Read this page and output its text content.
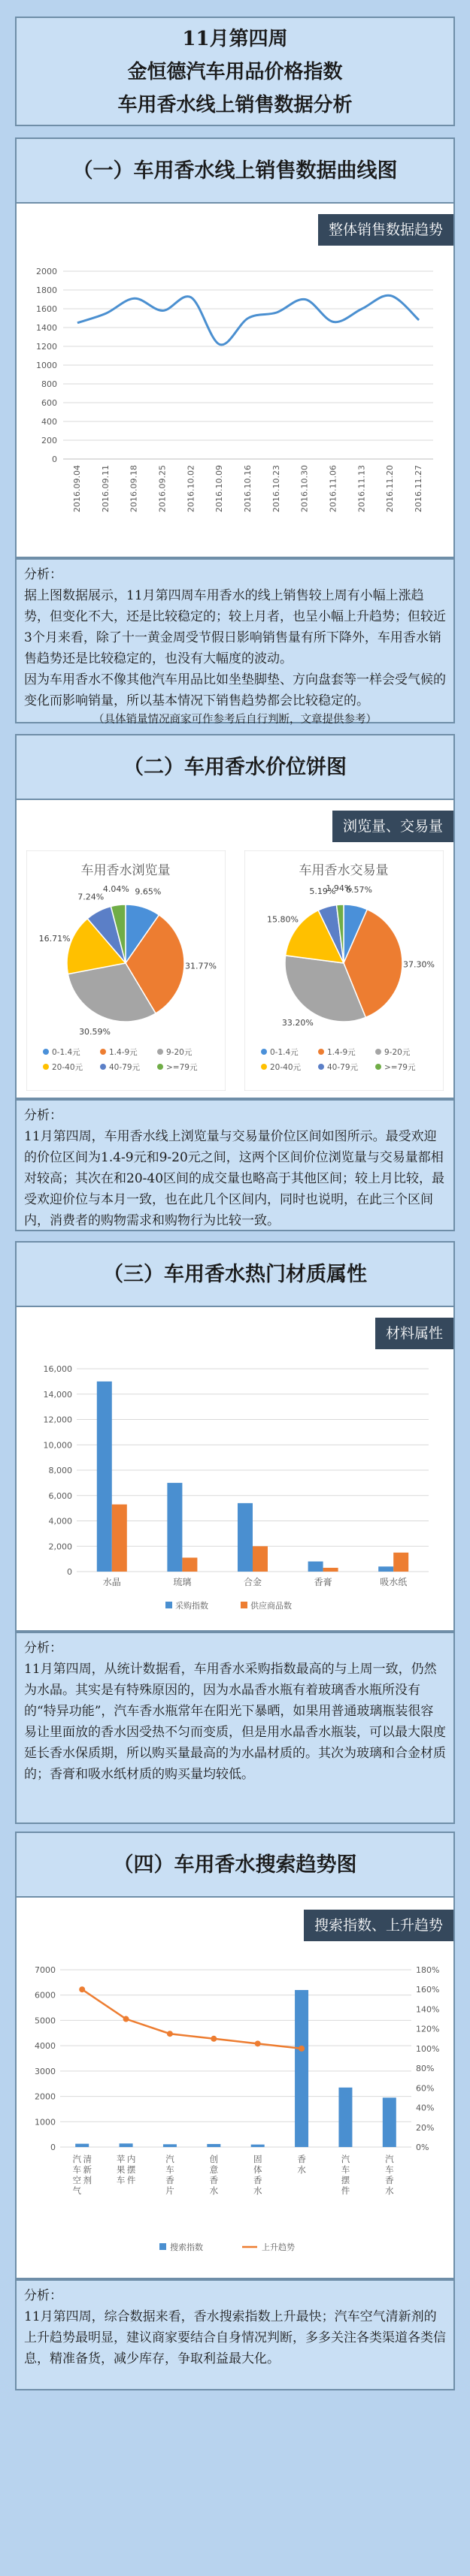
11月第四周
金恒德汽车用品价格指数
车用香水线上销售数据分析
（一）车用香水线上销售数据曲线图
整体销售数据趋势
0
200
400
600
800
1000
1200
1400
1600
1800
2000
2016.09.04 2016.09.11 2016.09.18 2016.09.25 2016.10.02 2016.10.09 2016.10.16 2016.10.23 2016.10.30 2016.11.06 2016.11.13 2016.11.20 2016.11.27

分析：

据上图数据展示，11月第四周车用香水的线上销售较上周有小幅上涨趋势，但变化不大，还是比较稳定的；较上月者，也呈小幅上升趋势；但较近3个月来看，除了十一黄金周受节假日影响销售量有所下降外，车用香水销售趋势还是比较稳定的，也没有大幅度的波动。

因为车用香水不像其他汽车用品比如坐垫脚垫、方向盘套等一样会受气候的变化而影响销量，所以基本情况下销售趋势都会比较稳定的。

（具体销量情况商家可作参考后自行判断，文章提供参考）

（二）车用香水价位饼图
浏览量、交易量
车用香水浏览量
9.65%
31.77%
30.59%
16.71%
7.24%
4.04%
0-1.4元	1.4-9元	9-20元
20-40元	40-79元	>=79元
车用香水交易量
6.57%
37.30%
33.20%
15.80%
5.19%
1.94%
0-1.4元	1.4-9元	9-20元
20-40元	40-79元	>=79元

分析：

11月第四周，车用香水线上浏览量与交易量价位区间如图所示。最受欢迎的价位区间为1.4-9元和9-20元之间，这两个区间价位浏览量与交易量都相对较高；其次在和20-40区间的成交量也略高于其他区间；较上月比较，最受欢迎价位与本月一致，也在此几个区间内，同时也说明，在此三个区间内，消费者的购物需求和购物行为比较一致。

（三）车用香水热门材质属性
材料属性
0
2,000
4,000
6,000
8,000
10,000
12,000
14,000
16,000
水晶	琉璃	合金	香膏	吸水纸
采购指数	供应商品数

分析：

11月第四周，从统计数据看，车用香水采购指数最高的与上周一致，仍然为水晶。其实是有特殊原因的，因为水晶香水瓶有着玻璃香水瓶所没有的“特异功能”，汽车香水瓶常年在阳光下暴晒，如果用普通玻璃瓶装很容易让里面放的香水因受热不匀而变质，但是用水晶香水瓶装，可以最大限度延长香水保质期，所以购买量最高的为水晶材质的。其次为玻璃和合金材质的；香膏和吸水纸材质的购买量均较低。

（四）车用香水搜索趋势图
搜索指数、上升趋势
0
1000
2000
3000
4000
5000
6000
7000
0%
20%
40%
60%
80%
100%
120%
140%
160%
180%
汽车空气清新剂
苹果车内摆件
汽车香片
创意香水
固体香水
香水
汽车摆件
汽车香水
搜索指数	上升趋势

分析：

11月第四周，综合数据来看，香水搜索指数上升最快；汽车空气清新剂的上升趋势最明显，建议商家要结合自身情况判断，多多关注各类渠道各类信息，精准备货，减少库存，争取利益最大化。
